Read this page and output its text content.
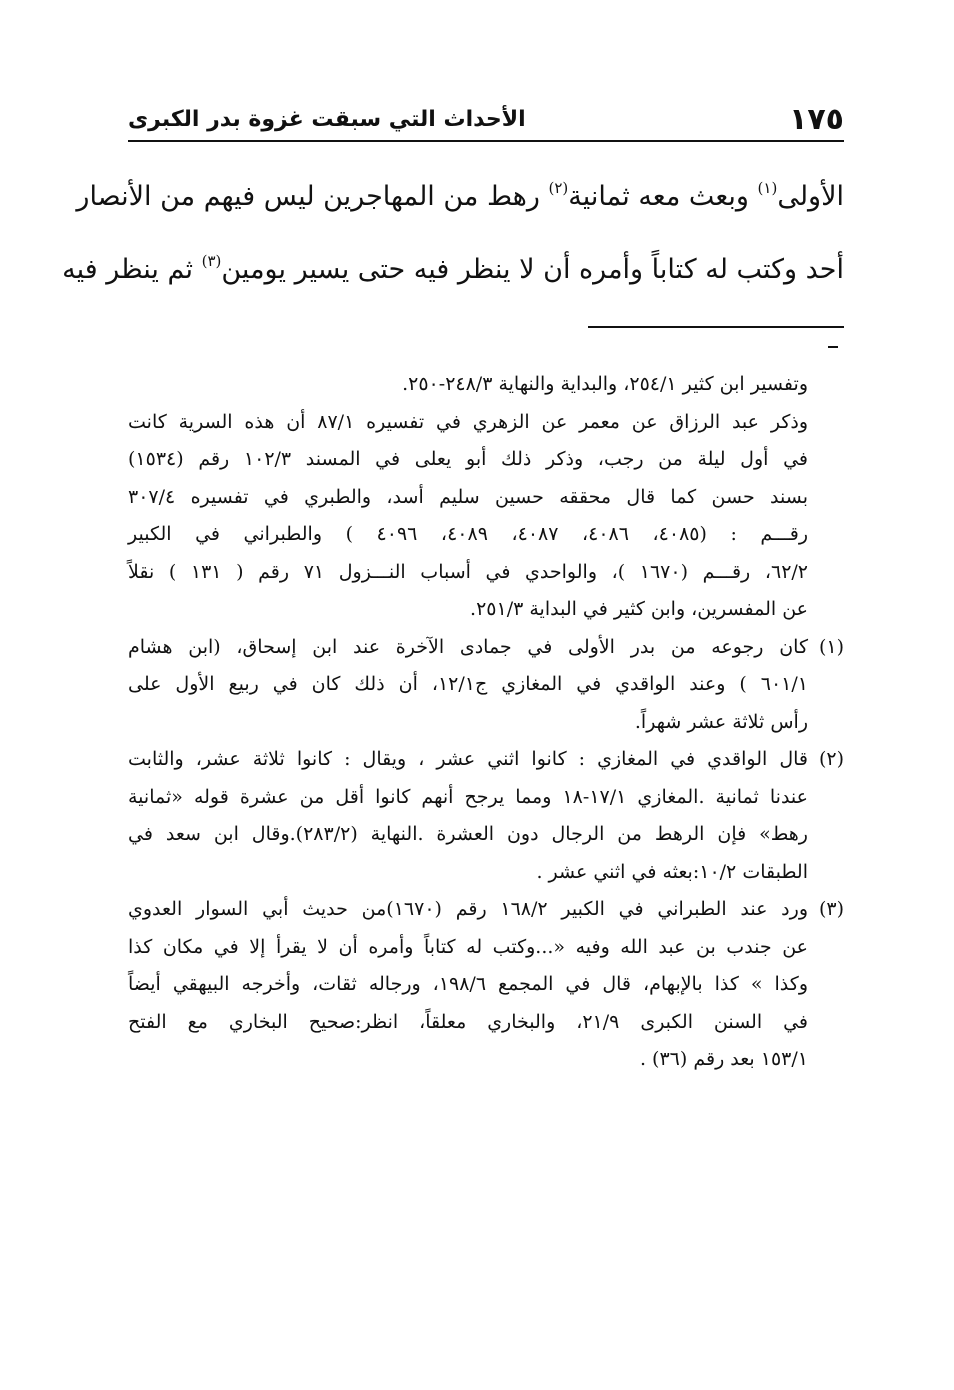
١٧٥
الأحداث التي سبقت غزوة بدر الكبرى
الأولى$^{(١)}$ وبعث معه ثمانية$^{(٢)}$ رهط من المهاجرين ليس فيهم من الأنصار
أحد وكتب له كتاباً وأمره أن لا ينظر فيه حتى يسير يومين$^{(٣)}$ ثم ينظر فيه
وتفسير ابن كثير ٢٥٤/١، والبداية والنهاية ٢٤٨/٣-٢٥٠.
وذكر عبد الرزاق عن معمر عن الزهري في تفسيره ٨٧/١ أن هذه السرية كانت
في أول ليلة من رجب، وذكر ذلك أبو يعلى في المسند ١٠٢/٣ رقم (١٥٣٤)
بسند حسن كما قال محققه حسين سليم أسد، والطبري في تفسيره ٣٠٧/٤
رقـــم : (٤٠٨٥، ٤٠٨٦، ٤٠٨٧، ٤٠٨٩، ٤٠٩٦ ) والطبراني في الكبير
٦٢/٢، رقـــم (١٦٧٠ )، والواحدي في أسباب النـــزول ٧١ رقم ( ١٣١ ) نقلاً
عن المفسرين، وابن كثير في البداية ٢٥١/٣.
(١)كان رجوعه من بدر الأولى في جمادى الآخرة عند ابن إسحاق، (ابن هشام
٦٠١/١ ) وعند الواقدي في المغازي ج١٢/١، أن ذلك كان في ربيع الأول على
رأس ثلاثة عشر شهراً.
(٢)قال الواقدي في المغازي : كانوا اثني عشر ، ويقال : كانوا ثلاثة عشر، والثابت
عندنا ثمانية .المغازي ١٧/١-١٨ ومما يرجح أنهم كانوا أقل من عشرة قوله «ثمانية
رهط» فإن الرهط من الرجال دون العشرة .النهاية (٢٨٣/٢).وقال ابن سعد في
الطبقات ١٠/٢:بعثه في اثني عشر .
(٣)ورد عند الطبراني في الكبير ١٦٨/٢ رقم (١٦٧٠)من حديث أبي السوار العدوي
عن جندب بن عبد الله وفيه «...وكتب له كتاباً وأمره أن لا يقرأ إلا في مكان كذا
وكذا » كذا بالإبهام، قال في المجمع ١٩٨/٦، ورجاله ثقات، وأخرجه البيهقي أيضاً
في السنن الكبرى ٢١/٩، والبخاري معلقاً، انظر:صحيح البخاري مع الفتح
١٥٣/١ بعد رقم (٣٦) .
